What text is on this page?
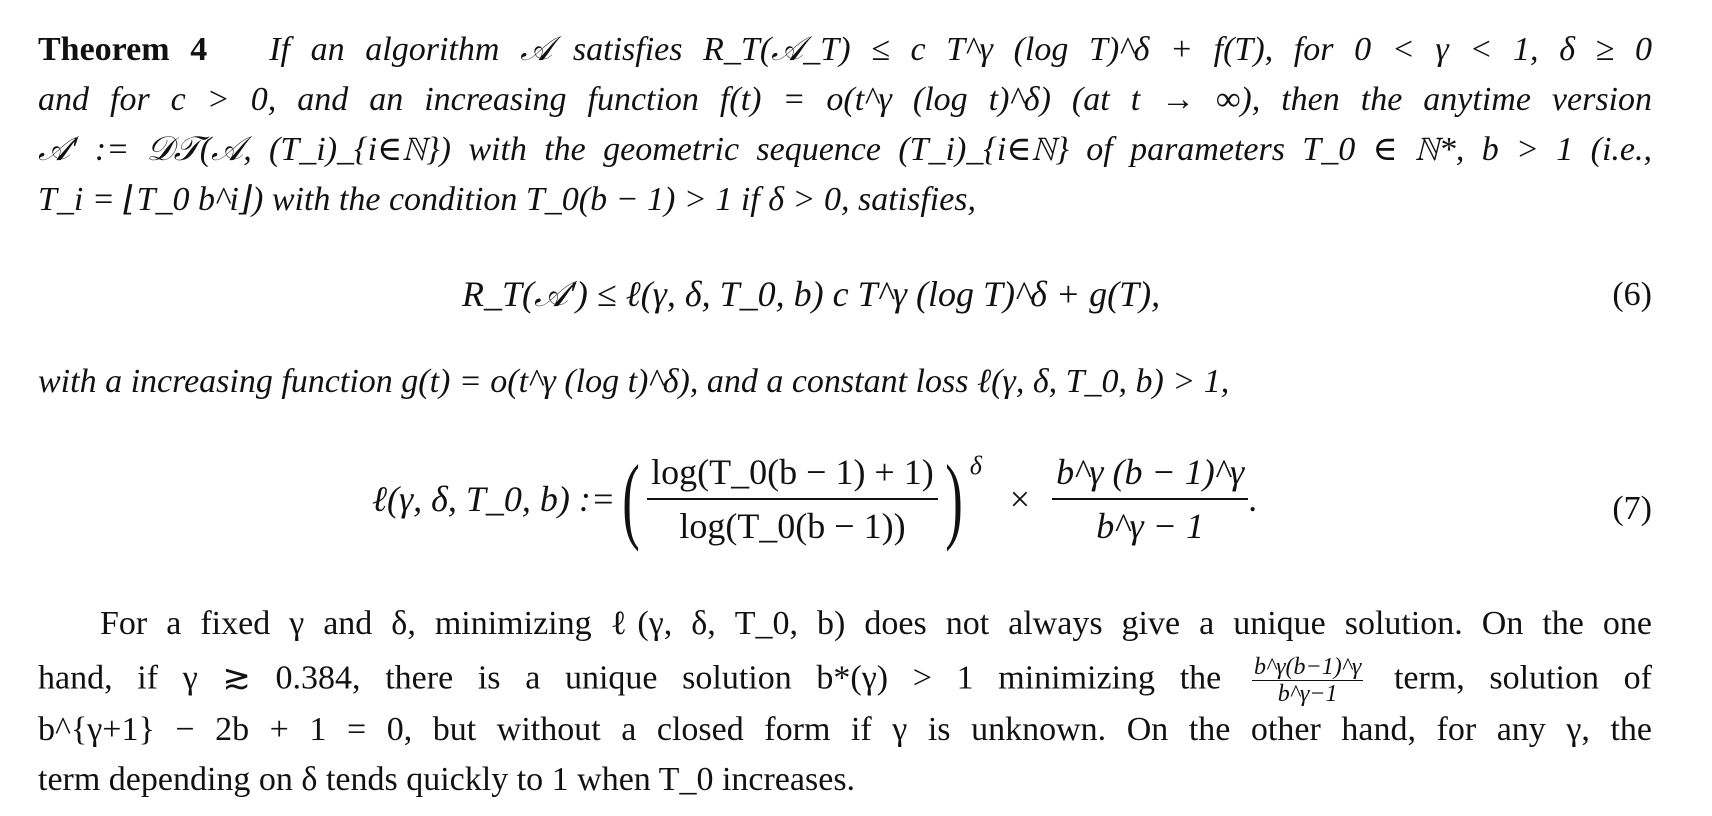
Theorem 4 If an algorithm 𝒜 satisfies R_T(𝒜_T) ≤ c T^γ (log T)^δ + f(T), for 0 < γ < 1, δ ≥ 0
and for c > 0, and an increasing function f(t) = o(t^γ (log t)^δ) (at t → ∞), then the anytime version
𝒜′ := 𝒟𝒯(𝒜, (T_i)_{i∈ℕ}) with the geometric sequence (T_i)_{i∈ℕ} of parameters T_0 ∈ ℕ*, b > 1 (i.e.,
T_i = ⌊T_0 b^i⌋) with the condition T_0(b − 1) > 1 if δ > 0, satisfies,
R_T(𝒜′) ≤ ℓ(γ, δ, T_0, b) c T^γ (log T)^δ + g(T),	(6)
with a increasing function g(t) = o(t^γ (log t)^δ), and a constant loss ℓ(γ, δ, T_0, b) > 1,
ℓ(γ, δ, T_0, b) := ( $\frac{\log(T\_0(b - 1) + 1)}{\log(T\_0(b - 1))}$ ) δ
× $\frac{b\^{}\gamma (b - 1)\^{}\gamma}{b\^{}\gamma - 1}$ .	(7)
For a fixed γ and δ, minimizing ℓ(γ, δ, T_0, b) does not always give a unique solution. On the one
hand, if γ ≳ 0.384, there is a unique solution b*(γ) > 1 minimizing the $\frac{b\^{}\gamma(b-1)\^{}\gamma}{b\^{}\gamma-1}$ term, solution of
b^{γ+1} − 2b + 1 = 0, but without a closed form if γ is unknown. On the other hand, for any γ, the
term depending on δ tends quickly to 1 when T_0 increases.
